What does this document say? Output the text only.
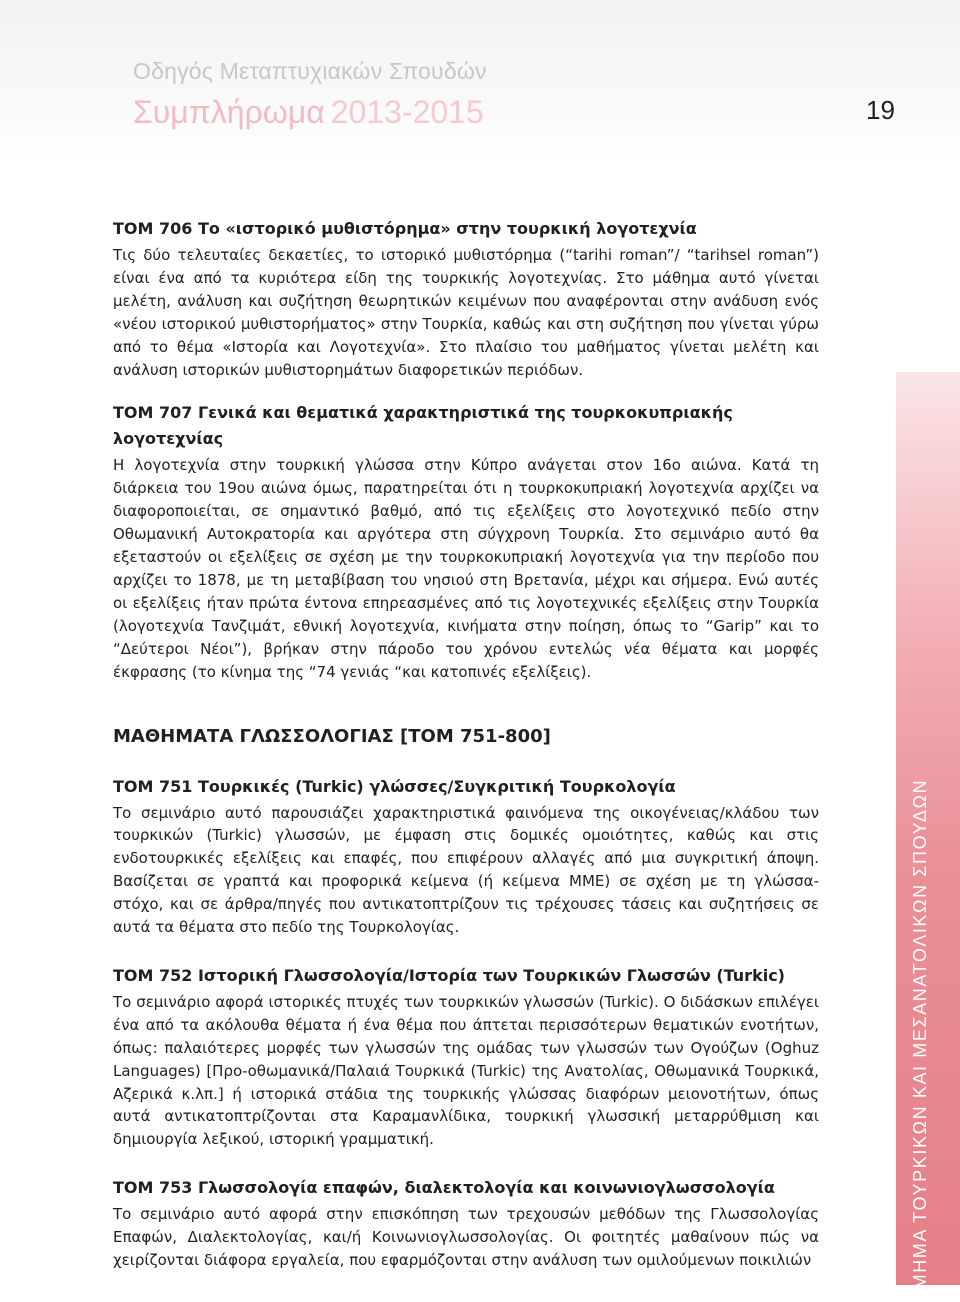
Οδηγός Μεταπτυχιακών Σπουδών
Συμπλήρωμα 2013-2015	19
ΤΜΗΜΑ ΤΟΥΡΚΙΚΩΝ ΚΑΙ ΜΕΣΑΝΑΤΟΛΙΚΩΝ ΣΠΟΥΔΩΝ
ΤΟΜ 706 Το «ιστορικό μυθιστόρημα» στην τουρκική λογοτεχνία

Τις δύο τελευταίες δεκαετίες, το ιστορικό μυθιστόρημα (“tarihi roman”/ “tarihsel roman”) είναι ένα από τα κυριότερα είδη της τουρκικής λογοτεχνίας. Στο μάθημα αυτό γίνεται μελέτη, ανάλυση και συζήτηση θεωρητικών κειμένων που αναφέρονται στην ανάδυση ενός «νέου ιστορικού μυθιστορήματος» στην Τουρκία, καθώς και στη συζήτηση που γίνεται γύρω από το θέμα «Ιστορία και Λογοτεχνία». Στο πλαίσιο του μαθήματος γίνεται μελέτη και ανάλυση ιστορικών μυθιστορημάτων διαφορετικών περιόδων.

ΤΟΜ 707 Γενικά και θεματικά χαρακτηριστικά της τουρκοκυπριακής λογοτεχνίας

Η λογοτεχνία στην τουρκική γλώσσα στην Κύπρο ανάγεται στον 16ο αιώνα. Κατά τη διάρκεια του 19ου αιώνα όμως, παρατηρείται ότι η τουρκοκυπριακή λογοτεχνία αρχίζει να διαφοροποιείται, σε σημαντικό βαθμό, από τις εξελίξεις στο λογοτεχνικό πεδίο στην Οθωμανική Αυτοκρατορία και αργότερα στη σύγχρονη Τουρκία. Στο σεμινάριο αυτό θα εξεταστούν οι εξελίξεις σε σχέση με την τουρκοκυπριακή λογοτεχνία για την περίοδο που αρχίζει το 1878, με τη μεταβίβαση του νησιού στη Βρετανία, μέχρι και σήμερα. Ενώ αυτές οι εξελίξεις ήταν πρώτα έντονα επηρεασμένες από τις λογοτεχνικές εξελίξεις στην Τουρκία (λογοτεχνία Τανζιμάτ, εθνική λογοτεχνία, κινήματα στην ποίηση, όπως το “Garip” και το “Δεύτεροι Νέοι”), βρήκαν στην πάροδο του χρόνου εντελώς νέα θέματα και μορφές έκφρασης (το κίνημα της “74 γενιάς “και κατοπινές εξελίξεις).

ΜΑΘΗΜΑΤΑ ΓΛΩΣΣΟΛΟΓΙΑΣ [ΤΟΜ 751-800]
ΤΟΜ 751 Τουρκικές (Turkic) γλώσσες/Συγκριτική Τουρκολογία

Το σεμινάριο αυτό παρουσιάζει χαρακτηριστικά φαινόμενα της οικογένειας/κλάδου των τουρκικών (Turkic) γλωσσών, με έμφαση στις δομικές ομοιότητες, καθώς και στις ενδοτουρκικές εξελίξεις και επαφές, που επιφέρουν αλλαγές από μια συγκριτική άποψη. Βασίζεται σε γραπτά και προφορικά κείμενα (ή κείμενα ΜΜΕ) σε σχέση με τη γλώσσα- στόχο, και σε άρθρα/πηγές που αντικατοπτρίζουν τις τρέχουσες τάσεις και συζητήσεις σε αυτά τα θέματα στο πεδίο της Τουρκολογίας.

ΤΟΜ 752 Ιστορική Γλωσσολογία/Ιστορία των Τουρκικών Γλωσσών (Turkic)

Το σεμινάριο αφορά ιστορικές πτυχές των τουρκικών γλωσσών (Turkic). Ο διδάσκων επιλέγει ένα από τα ακόλουθα θέματα ή ένα θέμα που άπτεται περισσότερων θεματικών ενοτήτων, όπως: παλαιότερες μορφές των γλωσσών της ομάδας των γλωσσών των Ογούζων (Oghuz Languages) [Προ-οθωμανικά/Παλαιά Τουρκικά (Turkic) της Ανατολίας, Οθωμανικά Τουρκικά, Αζερικά κ.λπ.] ή ιστορικά στάδια της τουρκικής γλώσσας διαφόρων μειονοτήτων, όπως αυτά αντικατοπτρίζονται στα Καραμανλίδικα, τουρκική γλωσσική μεταρρύθμιση και δημιουργία λεξικού, ιστορική γραμματική.

ΤΟΜ 753 Γλωσσολογία επαφών, διαλεκτολογία και κοινωνιογλωσσολογία

Το σεμινάριο αυτό αφορά στην επισκόπηση των τρεχουσών μεθόδων της Γλωσσολογίας Επαφών, Διαλεκτολογίας, και/ή Κοινωνιογλωσσολογίας. Οι φοιτητές μαθαίνουν πώς να χειρίζονται διάφορα εργαλεία, που εφαρμόζονται στην ανάλυση των ομιλούμενων ποικιλιών
